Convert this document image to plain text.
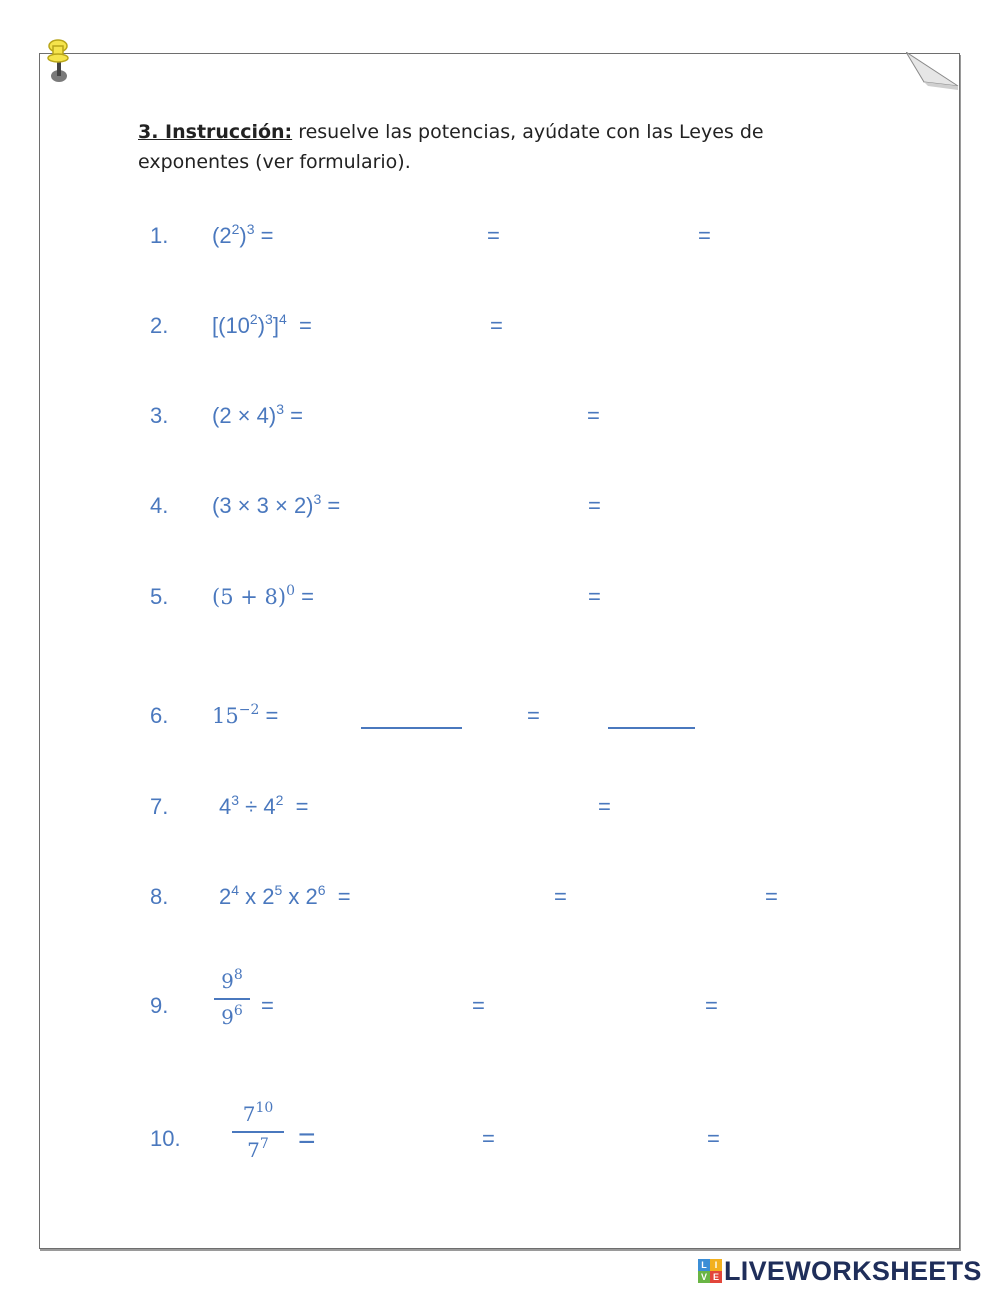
3. Instrucción: resuelve las potencias, ayúdate con las Leyes de exponentes (ver formulario).
1. $(2^2)^3$ =	=	=
2. $[(10^2)^3]^4$  =	=
3. $(2 \times 4)^3$ =	=
4. $(3 \times 3 \times 2)^3$ =	=
5. $(5 + 8)^0$ =	=
6. $15^{-2}$ =	=
7. $4^3 \div 4^2$  =	=
8. $2^4$ x $2^5$ x $2^6$  =	=	=
9. $\frac{9^8}{9^6}$ =	=	=
10.	$\frac{7^{10}}{7^7}$ =	=	=
L I
V E LIVEWORKSHEETS
